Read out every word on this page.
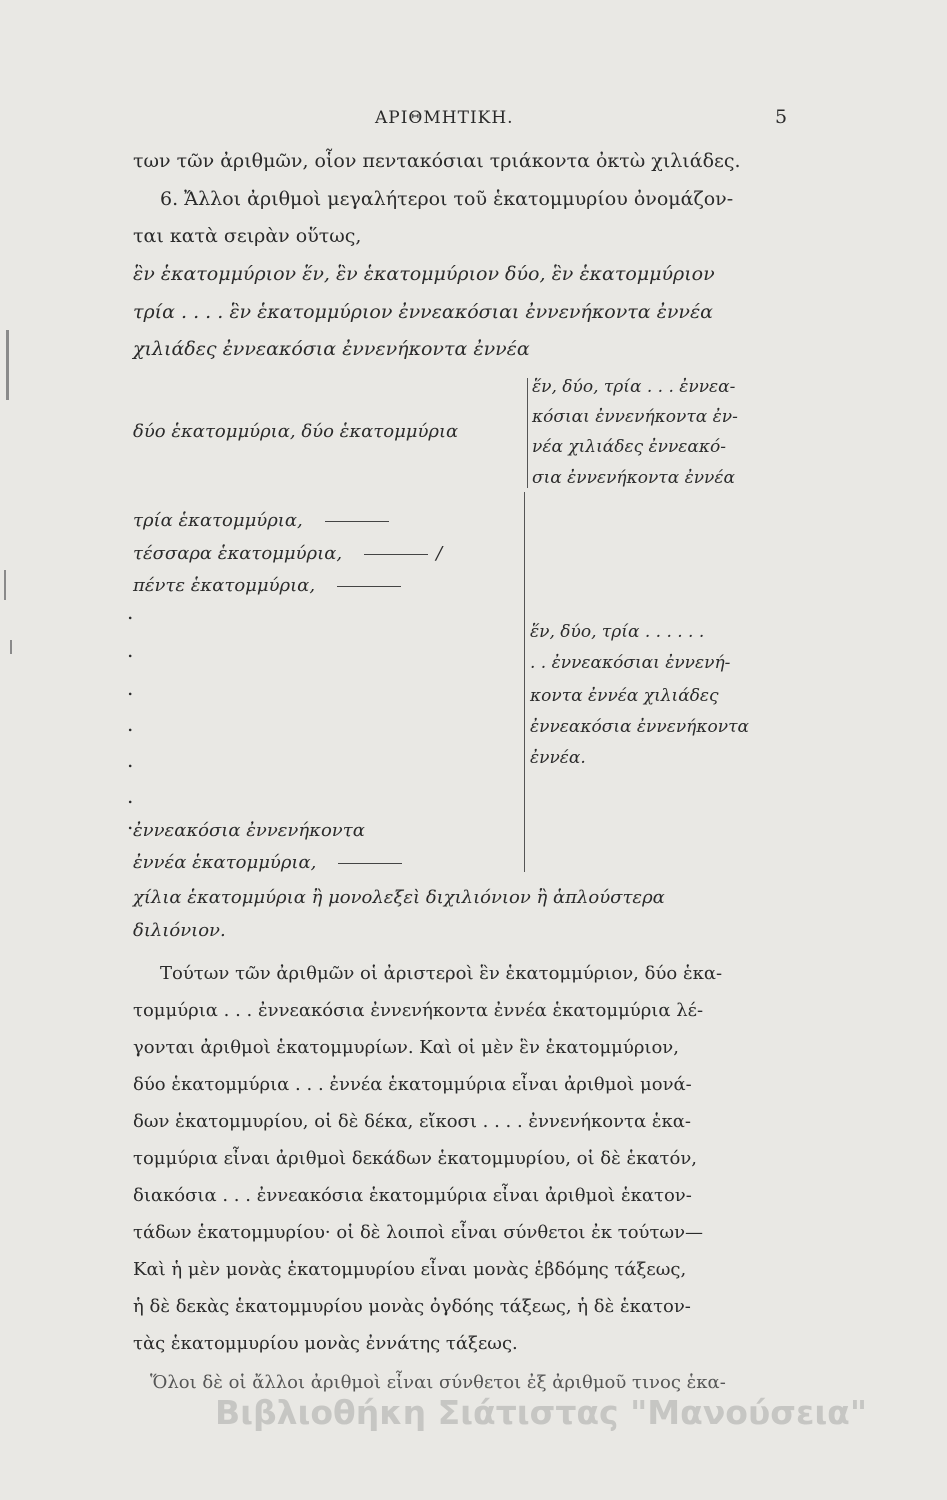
ΑΡΙΘΜΗΤΙΚΗ.	5
των τῶν ἀριθμῶν, οἷον πεντακόσιαι τριάκοντα ὀκτὼ χιλιάδες.
6. Ἄλλοι ἀριθμοὶ μεγαλήτεροι τοῦ ἑκατομμυρίου ὀνομάζον-
ται κατὰ σειρὰν οὕτως,
ἓν ἑκατομμύριον ἕν, ἓν ἑκατομμύριον δύο, ἓν ἑκατομμύριον
τρία . . . . ἓν ἑκατομμύριον ἐννεακόσιαι ἐννενήκοντα ἐννέα
χιλιάδες ἐννεακόσια ἐννενήκοντα ἐννέα
δύο ἑκατομμύρια, δύο ἑκατομμύρια
ἕν, δύο, τρία . . . ἐννεα-
κόσιαι ἐννενήκοντα ἐν-
νέα χιλιάδες ἐννεακό-
σια ἐννενήκοντα ἐννέα
τρία ἑκατομμύρια,
τέσσαρα ἑκατομμύρια,	/
πέντε ἑκατομμύρια,
.
.
.
.
.
.
.
ἕν, δύο, τρία . . . . . .
. . ἐννεακόσιαι ἐννενή-
κοντα ἐννέα χιλιάδες
ἐννεακόσια ἐννενήκοντα
ἐννέα.
ἐννεακόσια ἐννενήκοντα
ἐννέα ἑκατομμύρια,
χίλια ἑκατομμύρια ἢ μονολεξεὶ διχιλιόνιον ἢ ἁπλούστερα
διλιόνιον.
Τούτων τῶν ἀριθμῶν οἱ ἀριστεροὶ ἓν ἑκατομμύριον, δύο ἑκα-
τομμύρια . . . ἐννεακόσια ἐννενήκοντα ἐννέα ἑκατομμύρια λέ-
γονται ἀριθμοὶ ἑκατομμυρίων. Καὶ οἱ μὲν ἓν ἑκατομμύριον,
δύο ἑκατομμύρια . . . ἐννέα ἑκατομμύρια εἶναι ἀριθμοὶ μονά-
δων ἑκατομμυρίου, οἱ δὲ δέκα, εἴκοσι . . . . ἐννενήκοντα ἑκα-
τομμύρια εἶναι ἀριθμοὶ δεκάδων ἑκατομμυρίου, οἱ δὲ ἑκατόν,
διακόσια . . . ἐννεακόσια ἑκατομμύρια εἶναι ἀριθμοὶ ἑκατον-
τάδων ἑκατομμυρίου· οἱ δὲ λοιποὶ εἶναι σύνθετοι ἐκ τούτων—
Καὶ ἡ μὲν μονὰς ἑκατομμυρίου εἶναι μονὰς ἑβδόμης τάξεως,
ἡ δὲ δεκὰς ἑκατομμυρίου μονὰς ὀγδόης τάξεως, ἡ δὲ ἑκατον-
τὰς ἑκατομμυρίου μονὰς ἐννάτης τάξεως.
Ὅλοι δὲ οἱ ἄλλοι ἀριθμοὶ εἶναι σύνθετοι ἐξ ἀριθμοῦ τινος ἑκα-
Βιβλιοθήκη Σιάτιστας "Μανούσεια"
